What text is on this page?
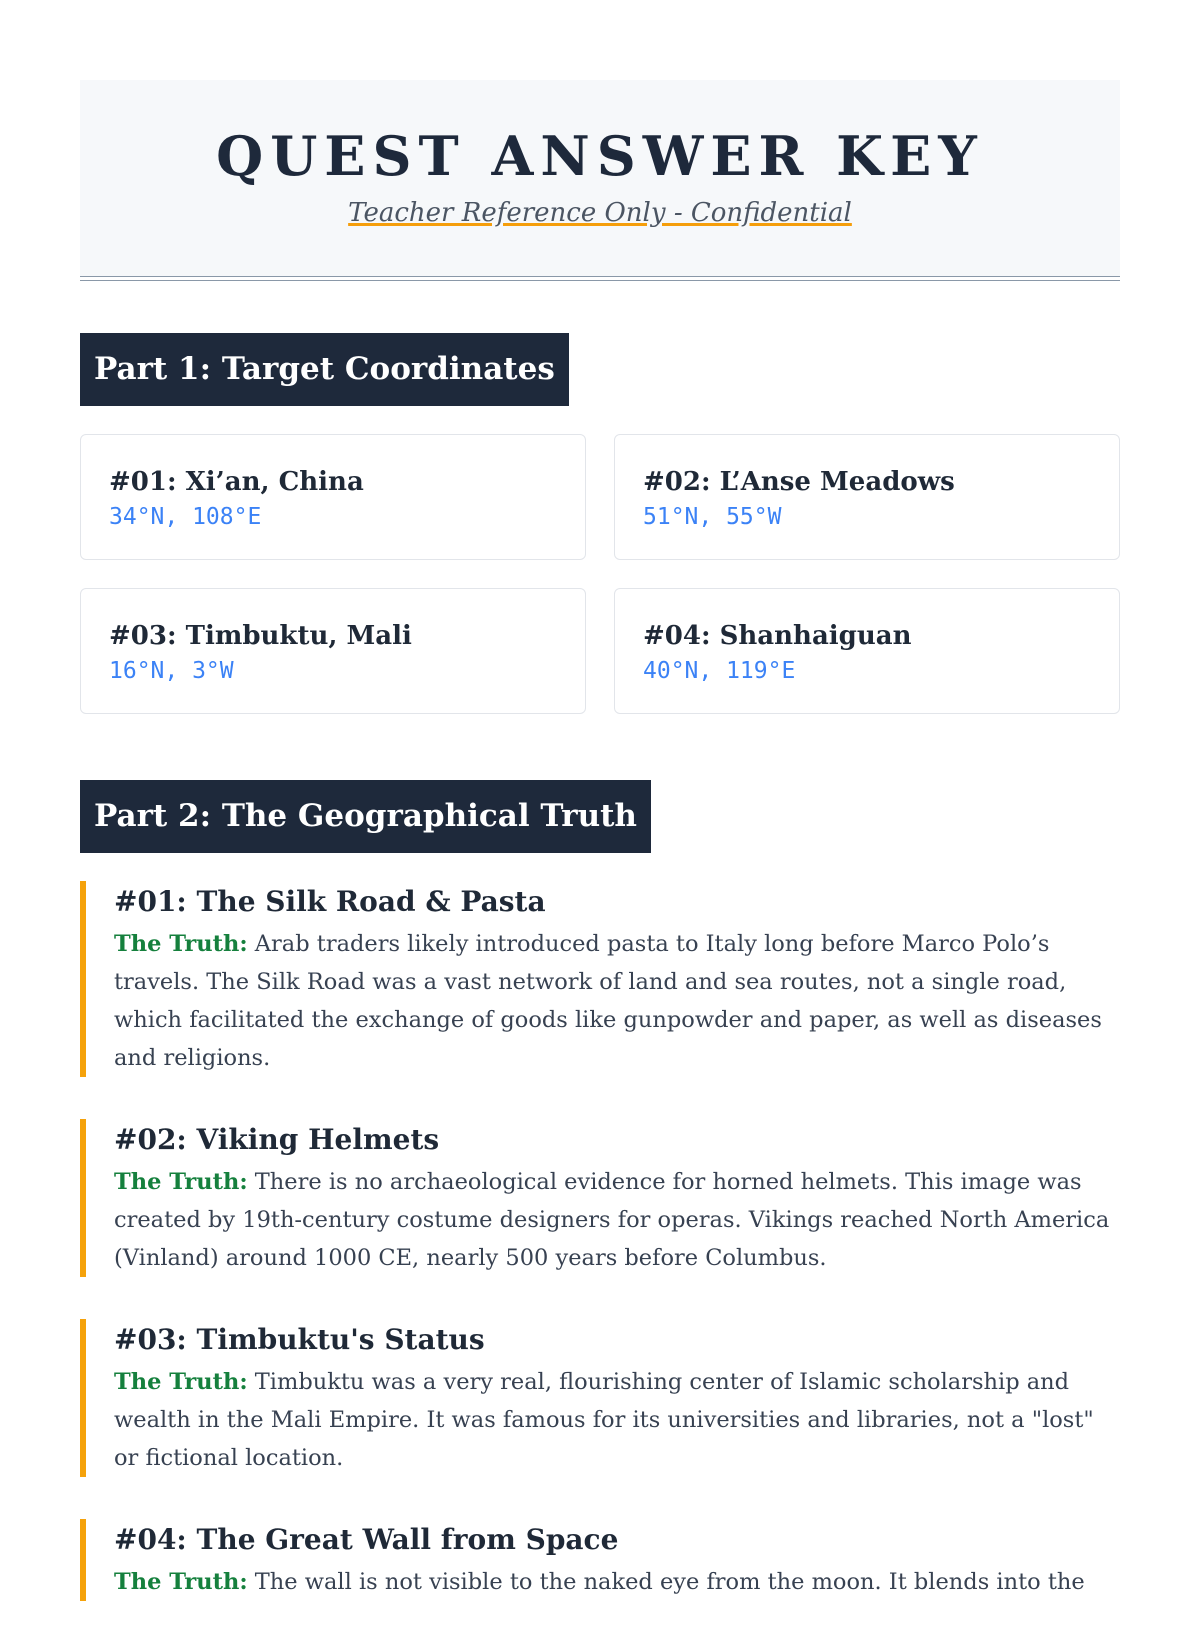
QUEST ANSWER KEY
Teacher Reference Only - Confidential
Part 1: Target Coordinates
#01: Xi’an, China
34°N, 108°E
#02: L’Anse Meadows
51°N, 55°W
#03: Timbuktu, Mali
16°N, 3°W
#04: Shanhaiguan
40°N, 119°E
Part 2: The Geographical Truth
#01: The Silk Road & Pasta
The Truth: Arab traders likely introduced pasta to Italy long before Marco Polo’s travels. The Silk Road was a vast network of land and sea routes, not a single road, which facilitated the exchange of goods like gunpowder and paper, as well as diseases and religions.
#02: Viking Helmets
The Truth: There is no archaeological evidence for horned helmets. This image was created by 19th-century costume designers for operas. Vikings reached North America (Vinland) around 1000 CE, nearly 500 years before Columbus.
#03: Timbuktu's Status
The Truth: Timbuktu was a very real, flourishing center of Islamic scholarship and wealth in the Mali Empire. It was famous for its universities and libraries, not a "lost" or fictional location.
#04: The Great Wall from Space
The Truth: The wall is not visible to the naked eye from the moon. It blends into the
